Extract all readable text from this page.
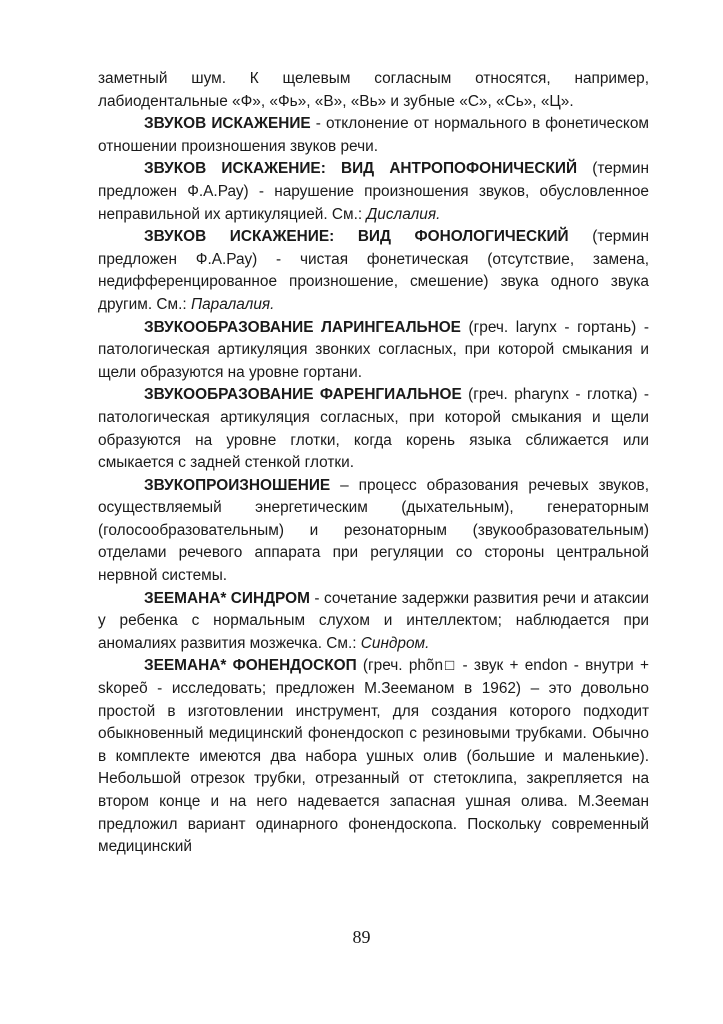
заметный шум. К щелевым согласным относятся, например, лабиодентальные «Ф», «Фь», «В», «Вь» и зубные «С», «Сь», «Ц».

ЗВУКОВ ИСКАЖЕНИЕ - отклонение от нормального в фонетическом отношении произношения звуков речи.

ЗВУКОВ ИСКАЖЕНИЕ: ВИД АНТРОПОФОНИЧЕСКИЙ (термин предложен Ф.А.Рау) - нарушение произношения звуков, обусловленное неправильной их артикуляцией. См.: Дислалия.

ЗВУКОВ ИСКАЖЕНИЕ: ВИД ФОНОЛОГИЧЕСКИЙ (термин предложен Ф.А.Рау) - чистая фонетическая (отсутствие, замена, недифференцированное произношение, смешение) звука одного звука другим. См.: Паралалия.

ЗВУКООБРАЗОВАНИЕ ЛАРИНГЕАЛЬНОЕ (греч. larynx - гортань) - патологическая артикуляция звонких согласных, при которой смыкания и щели образуются на уровне гортани.

ЗВУКООБРАЗОВАНИЕ ФАРЕНГИАЛЬНОЕ (греч. pharynx - глотка) - патологическая артикуляция согласных, при которой смыкания и щели образуются на уровне глотки, когда корень языка сближается или смыкается с задней стенкой глотки.

ЗВУКОПРОИЗНОШЕНИЕ – процесс образования речевых звуков, осуществляемый энергетическим (дыхательным), генераторным (голосообразовательным) и резонаторным (звукообразовательным) отделами речевого аппарата при регуляции со стороны центральной нервной системы.

ЗЕЕМАНА* СИНДРОМ - сочетание задержки развития речи и атаксии у ребенка с нормальным слухом и интеллектом; наблюдается при аномалиях развития мозжечка. См.: Синдром.

ЗЕЕМАНА* ФОНЕНДОСКОП (греч. phõn□ - звук + endon - внутри + skopeõ - исследовать; предложен М.Зееманом в 1962) – это довольно простой в изготовлении инструмент, для создания которого подходит обыкновенный медицинский фонендоскоп с резиновыми трубками. Обычно в комплекте имеются два набора ушных олив (большие и маленькие). Небольшой отрезок трубки, отрезанный от стетоклипа, закрепляется на втором конце и на него надевается запасная ушная олива. М.Зееман предложил вариант одинарного фонендоскопа. Поскольку современный медицинский

89
